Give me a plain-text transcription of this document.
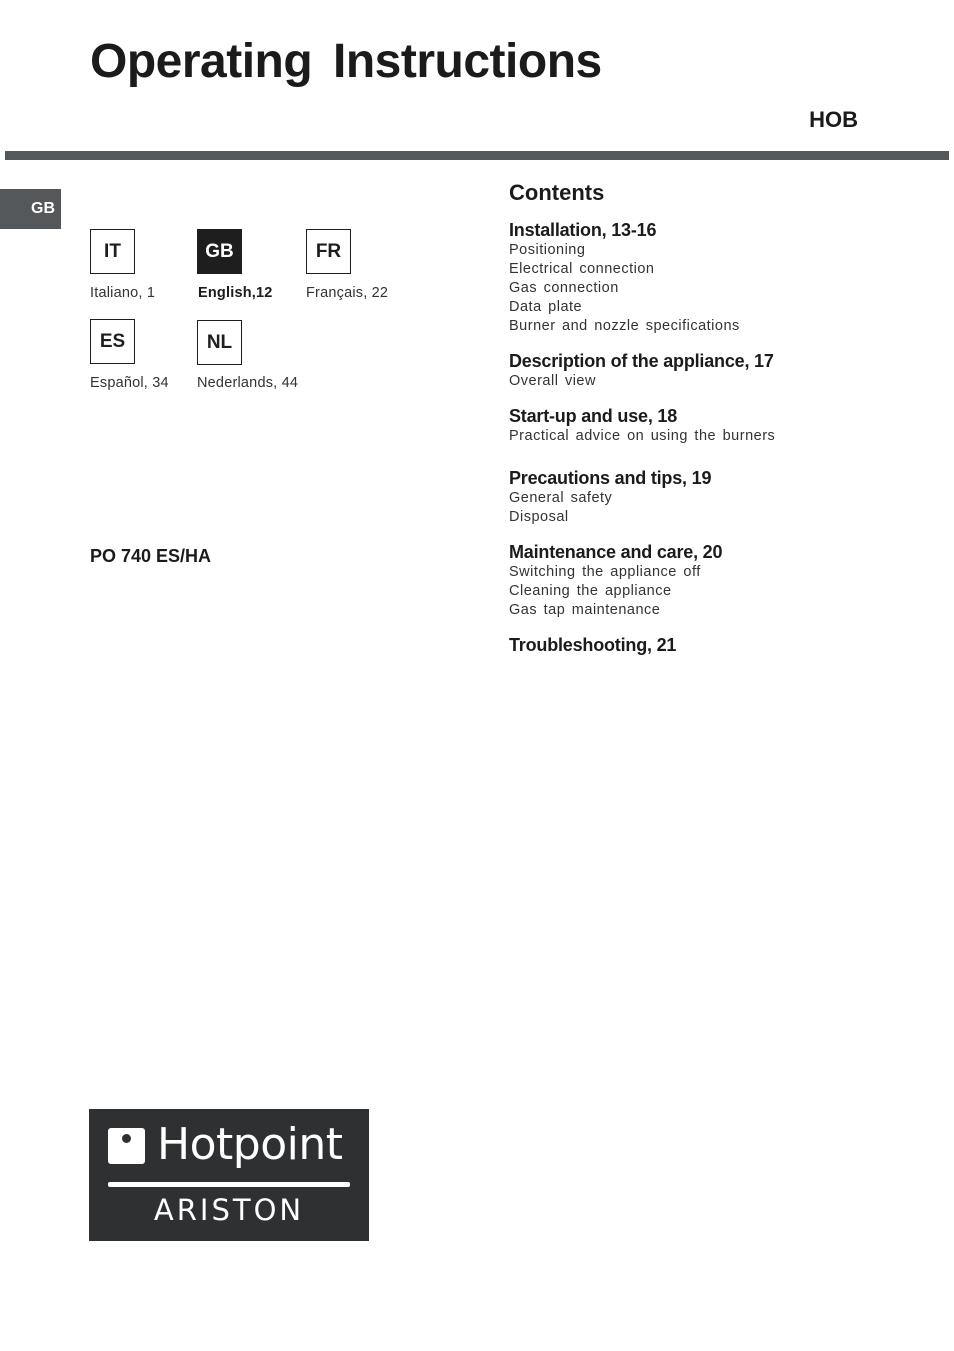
Operating Instructions
HOB
GB
IT
Italiano, 1
GB
English,12
FR
Français, 22
ES
Español, 34
NL
Nederlands, 44
PO 740 ES/HA
Contents
Installation, 13-16
Positioning
Electrical connection
Gas connection
Data plate
Burner and nozzle specifications
Description of the appliance, 17
Overall view
Start-up and use, 18
Practical advice on using the burners
Precautions and tips, 19
General safety
Disposal
Maintenance and care, 20
Switching the appliance off
Cleaning the appliance
Gas tap maintenance
Troubleshooting, 21
Hotpoint
ARISTON
